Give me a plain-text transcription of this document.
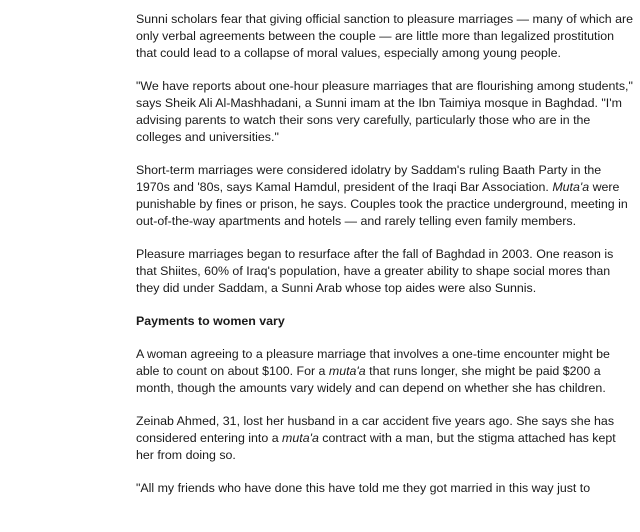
Sunni scholars fear that giving official sanction to pleasure marriages — many of which are only verbal agreements between the couple — are little more than legalized prostitution that could lead to a collapse of moral values, especially among young people.

"We have reports about one-hour pleasure marriages that are flourishing among students," says Sheik Ali Al-Mashhadani, a Sunni imam at the Ibn Taimiya mosque in Baghdad. "I'm advising parents to watch their sons very carefully, particularly those who are in the colleges and universities."

Short-term marriages were considered idolatry by Saddam's ruling Baath Party in the 1970s and '80s, says Kamal Hamdul, president of the Iraqi Bar Association. Muta'a were punishable by fines or prison, he says. Couples took the practice underground, meeting in out-of-the-way apartments and hotels — and rarely telling even family members.

Pleasure marriages began to resurface after the fall of Baghdad in 2003. One reason is that Shiites, 60% of Iraq's population, have a greater ability to shape social mores than they did under Saddam, a Sunni Arab whose top aides were also Sunnis.

Payments to women vary

A woman agreeing to a pleasure marriage that involves a one-time encounter might be able to count on about $100. For a muta'a that runs longer, she might be paid $200 a month, though the amounts vary widely and can depend on whether she has children.

Zeinab Ahmed, 31, lost her husband in a car accident five years ago. She says she has considered entering into a muta'a contract with a man, but the stigma attached has kept her from doing so.

"All my friends who have done this have told me they got married in this way just to
